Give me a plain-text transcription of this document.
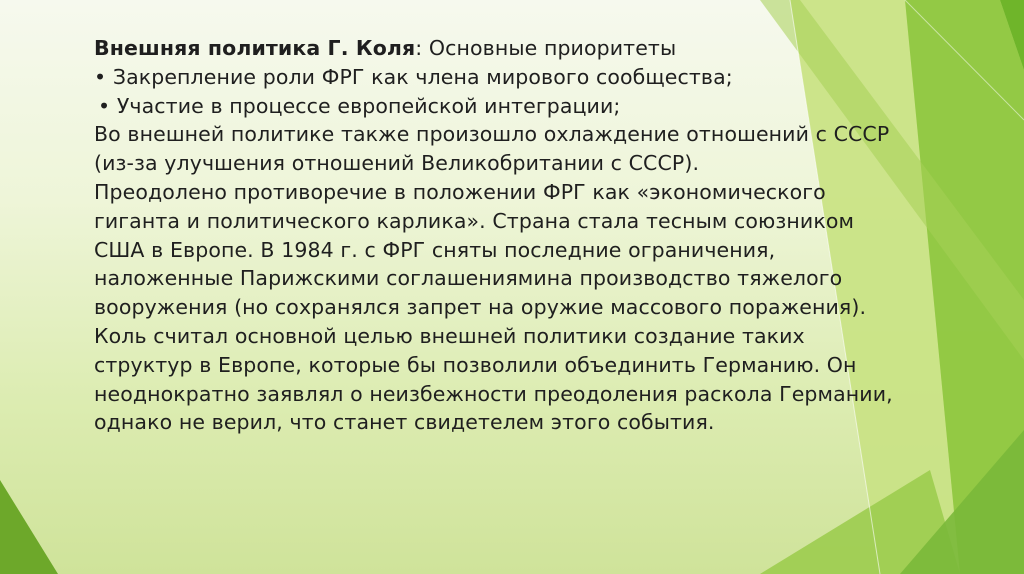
Внешняя политика Г. Коля: Основные приоритеты
• Закрепление роли ФРГ как члена мирового сообщества;
• Участие в процессе европейской интеграции;
Во внешней политике также произошло охлаждение отношений с СССР
(из-за улучшения отношений Великобритании с СССР).
Преодолено противоречие в положении ФРГ как «экономического
гиганта и политического карлика». Страна стала тесным союзником
США в Европе. В 1984 г. с ФРГ сняты последние ограничения,
наложенные Парижскими соглашениямина производство тяжелого
вооружения (но сохранялся запрет на оружие массового поражения).
Коль считал основной целью внешней политики создание таких
структур в Европе, которые бы позволили объединить Германию. Он
неоднократно заявлял о неизбежности преодоления раскола Германии,
однако не верил, что станет свидетелем этого события.
